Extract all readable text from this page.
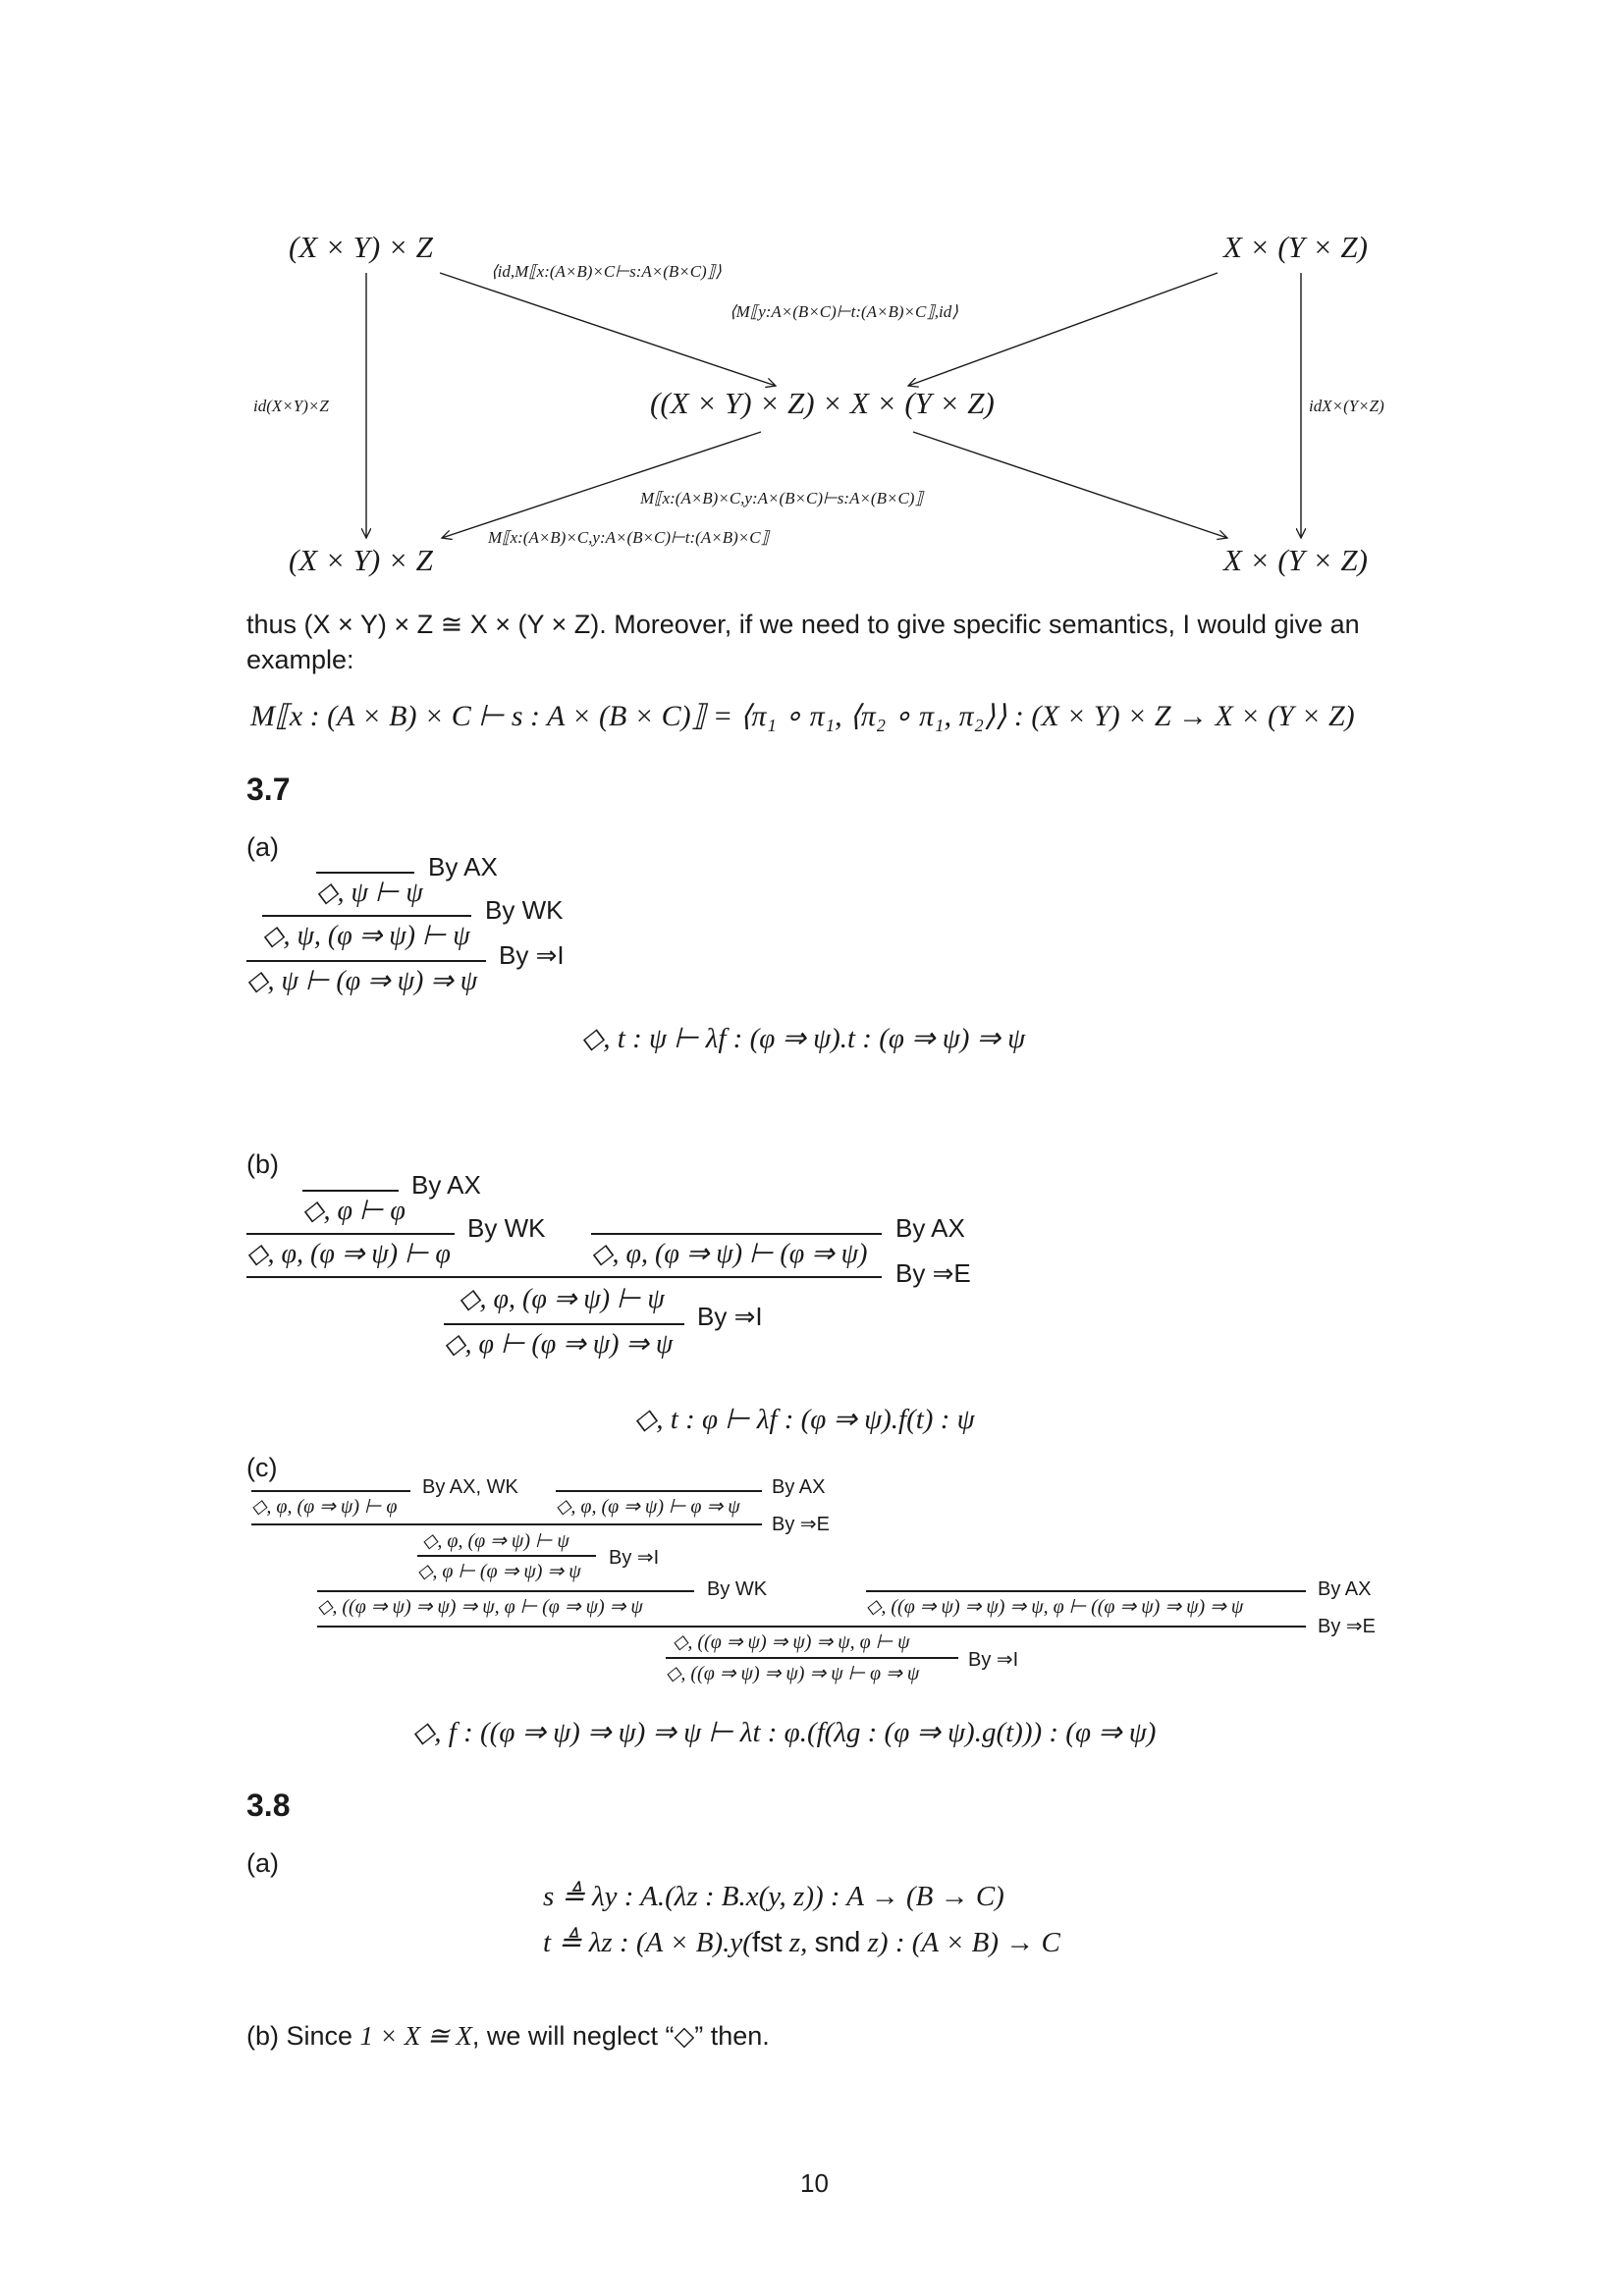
(X × Y) × Z	X × (Y × Z)
((X × Y) × Z) × X × (Y × Z)
(X × Y) × Z	X × (Y × Z)
⟨id,M⟦x:(A×B)×C⊢s:A×(B×C)⟧⟩
⟨M⟦y:A×(B×C)⊢t:(A×B)×C⟧,id⟩
id(X×Y)×Z	idX×(Y×Z)
M⟦x:(A×B)×C,y:A×(B×C)⊢s:A×(B×C)⟧
M⟦x:(A×B)×C,y:A×(B×C)⊢t:(A×B)×C⟧
thus (X × Y) × Z ≅ X × (Y × Z). Moreover, if we need to give specific semantics, I would give an
example:
M⟦x : (A × B) × C ⊢ s : A × (B × C)⟧ = ⟨π₁ ∘ π₁, ⟨π₂ ∘ π₁, π₂⟩⟩ : (X × Y) × Z → X × (Y × Z)
3.7
(a)
◇, ψ ⊢ ψ
By AX
◇, ψ, (φ ⇒ ψ) ⊢ ψ
By WK
◇, ψ ⊢ (φ ⇒ ψ) ⇒ ψ
By ⇒I
◇, t : ψ ⊢ λf : (φ ⇒ ψ).t : (φ ⇒ ψ) ⇒ ψ
(b)
◇, φ ⊢ φ
By AX
◇, φ, (φ ⇒ ψ) ⊢ φ
By WK
◇, φ, (φ ⇒ ψ) ⊢ (φ ⇒ ψ)
By AX
By ⇒E
◇, φ, (φ ⇒ ψ) ⊢ ψ
◇, φ ⊢ (φ ⇒ ψ) ⇒ ψ
By ⇒I
◇, t : φ ⊢ λf : (φ ⇒ ψ).f(t) : ψ
(c)
◇, φ, (φ ⇒ ψ) ⊢ φ
By AX, WK
◇, φ, (φ ⇒ ψ) ⊢ φ ⇒ ψ
By AX
By ⇒E
◇, φ, (φ ⇒ ψ) ⊢ ψ
◇, φ ⊢ (φ ⇒ ψ) ⇒ ψ
By ⇒I
◇, ((φ ⇒ ψ) ⇒ ψ) ⇒ ψ, φ ⊢ (φ ⇒ ψ) ⇒ ψ
By WK
◇, ((φ ⇒ ψ) ⇒ ψ) ⇒ ψ, φ ⊢ ((φ ⇒ ψ) ⇒ ψ) ⇒ ψ
By AX
By ⇒E
◇, ((φ ⇒ ψ) ⇒ ψ) ⇒ ψ, φ ⊢ ψ
◇, ((φ ⇒ ψ) ⇒ ψ) ⇒ ψ ⊢ φ ⇒ ψ
By ⇒I
◇, f : ((φ ⇒ ψ) ⇒ ψ) ⇒ ψ ⊢ λt : φ.(f(λg : (φ ⇒ ψ).g(t))) : (φ ⇒ ψ)
3.8
(a)
s ≜ λy : A.(λz : B.x(y, z)) : A → (B → C)
t ≜ λz : (A × B).y(fst z, snd z) : (A × B) → C
(b) Since 1 × X ≅ X, we will neglect “◇” then.
10
